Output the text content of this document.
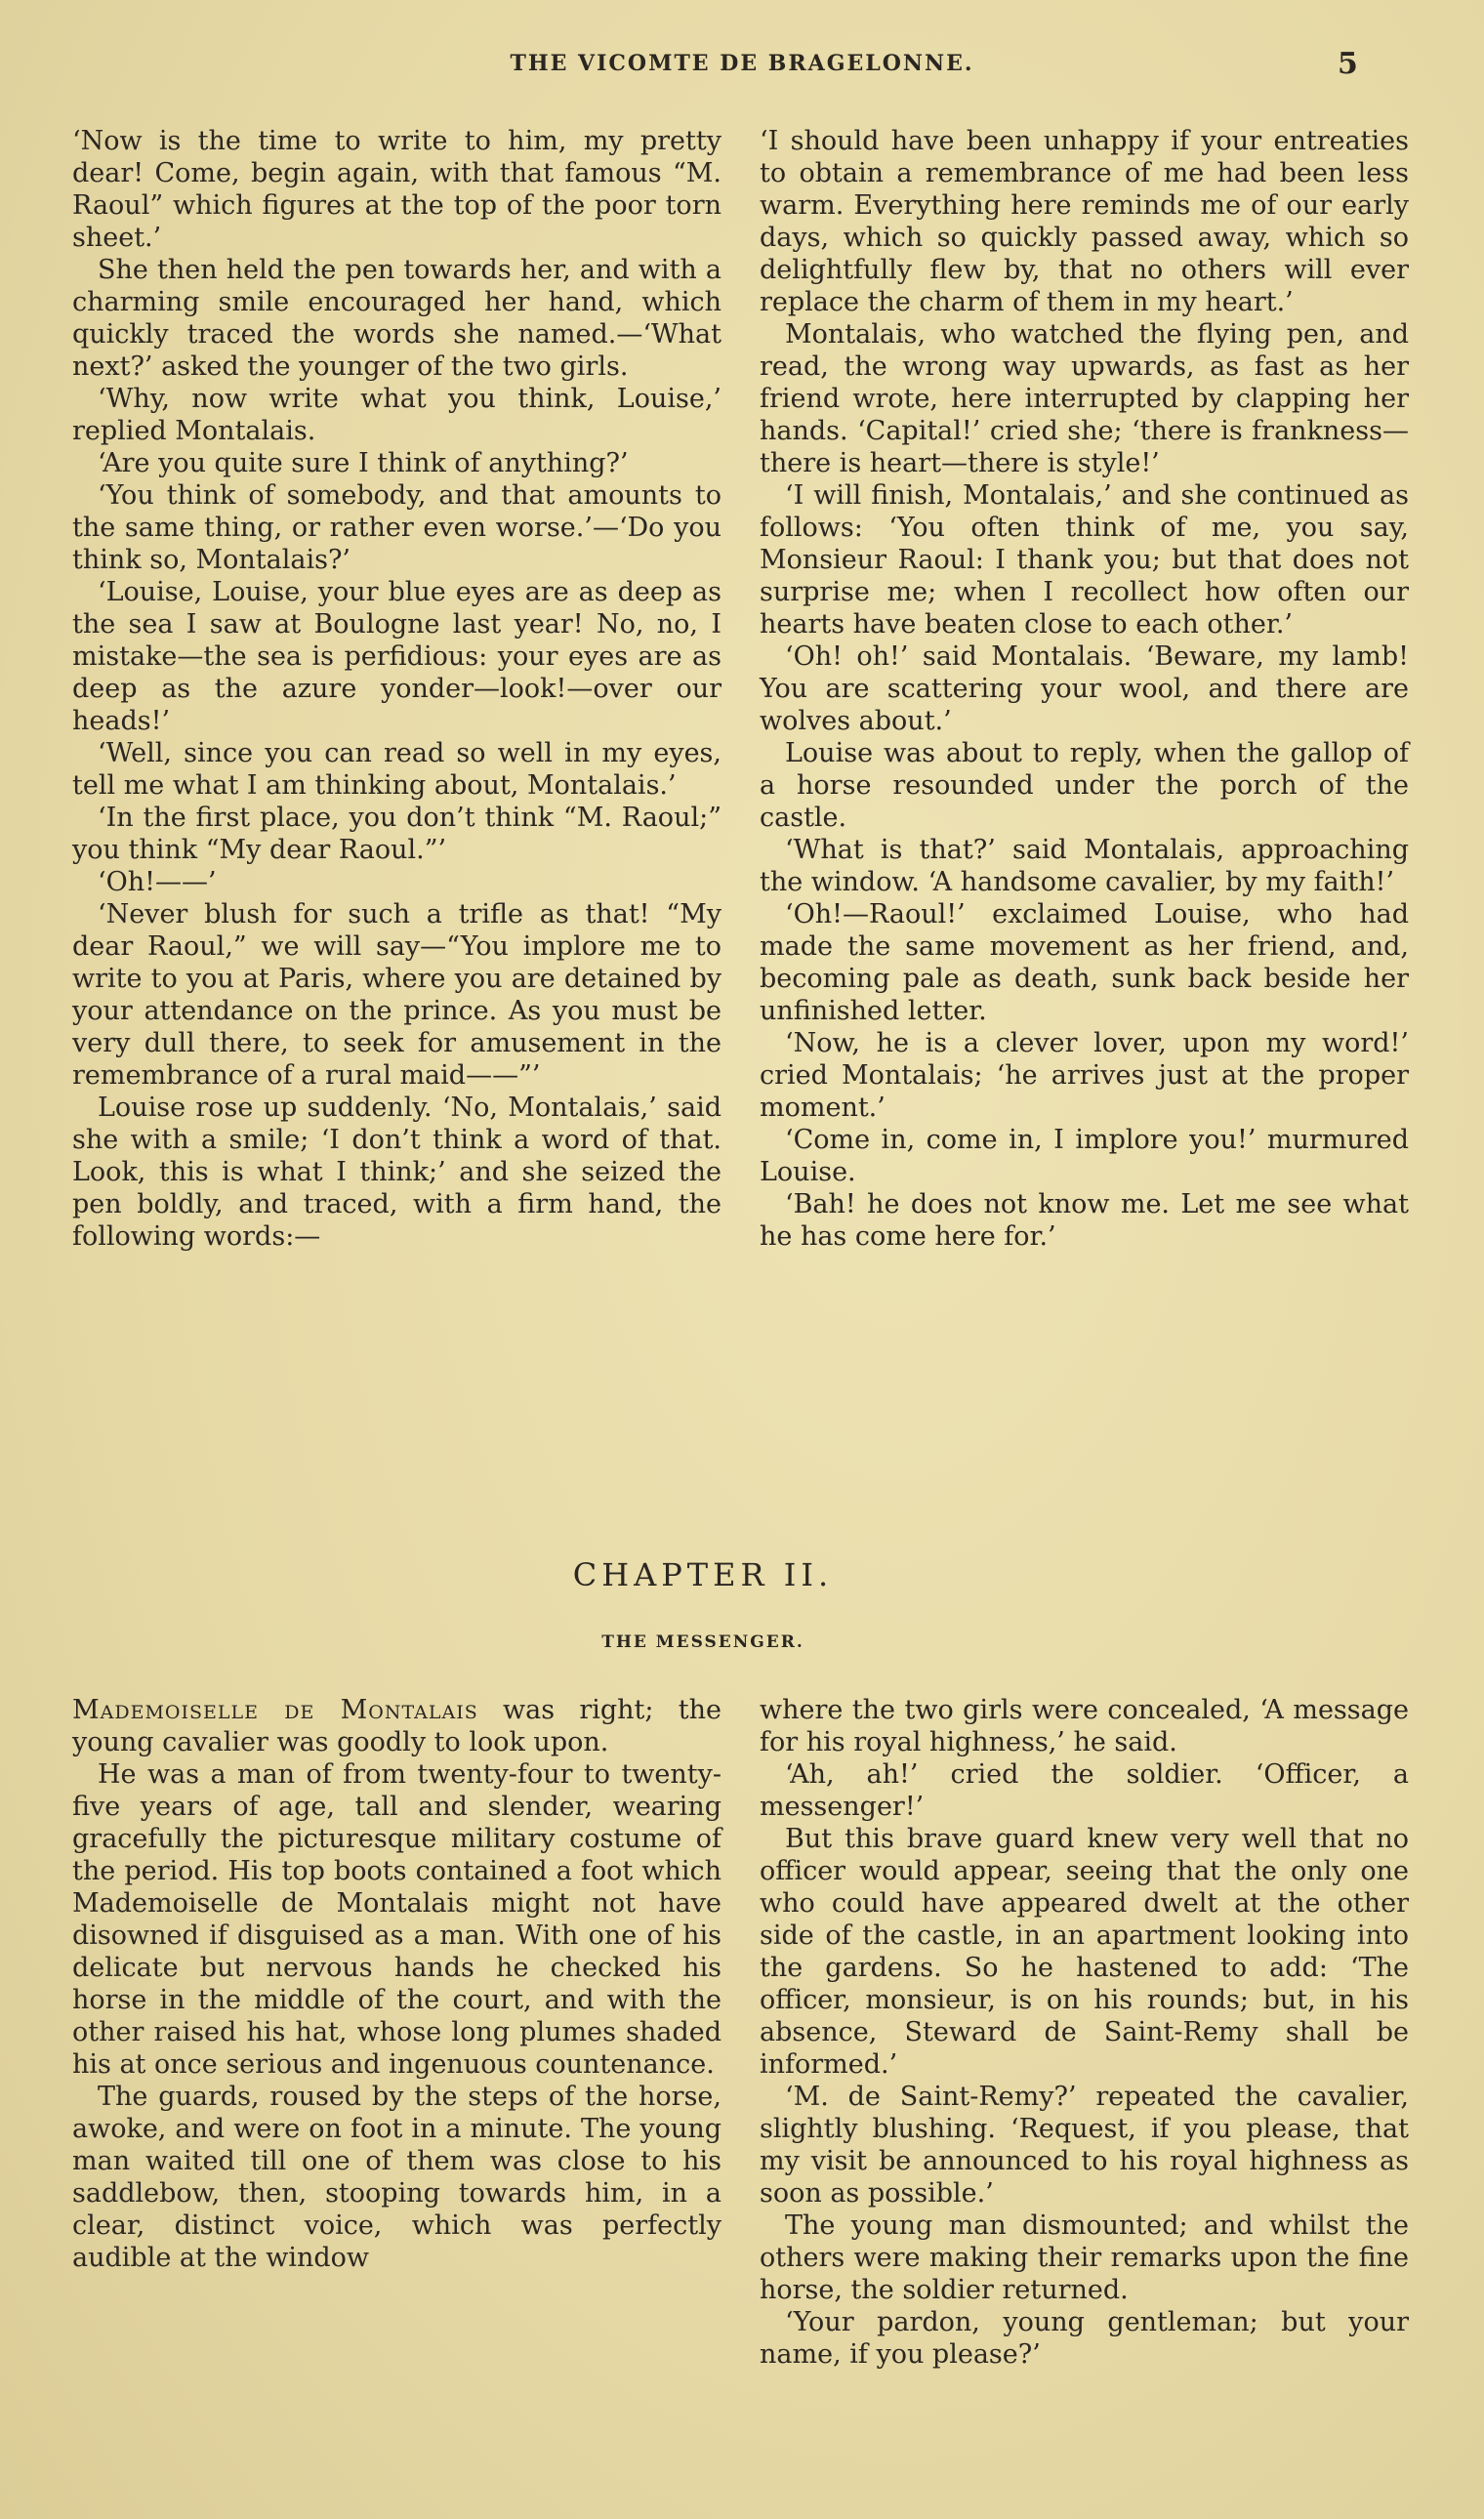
THE VICOMTE DE BRAGELONNE.	5

‘Now is the time to write to him, my pretty dear! Come, begin again, with that famous “M. Raoul” which figures at the top of the poor torn sheet.’

She then held the pen towards her, and with a charming smile encouraged her hand, which quickly traced the words she named.—‘What next?’ asked the younger of the two girls.

‘Why, now write what you think, Louise,’ replied Montalais.

‘Are you quite sure I think of anything?’

‘You think of somebody, and that amounts to the same thing, or rather even worse.’—‘Do you think so, Montalais?’

‘Louise, Louise, your blue eyes are as deep as the sea I saw at Boulogne last year! No, no, I mistake—the sea is perfidious: your eyes are as deep as the azure yonder—look!—over our heads!’

‘Well, since you can read so well in my eyes, tell me what I am thinking about, Montalais.’

‘In the first place, you don’t think “M. Raoul;” you think “My dear Raoul.”’

‘Oh!——’

‘Never blush for such a trifle as that! “My dear Raoul,” we will say—“You implore me to write to you at Paris, where you are detained by your attendance on the prince. As you must be very dull there, to seek for amusement in the remembrance of a rural maid——”’

Louise rose up suddenly. ‘No, Montalais,’ said she with a smile; ‘I don’t think a word of that. Look, this is what I think;’ and she seized the pen boldly, and traced, with a firm hand, the following words:—

‘I should have been unhappy if your entreaties to obtain a remembrance of me had been less warm. Everything here reminds me of our early days, which so quickly passed away, which so delightfully flew by, that no others will ever replace the charm of them in my heart.’

Montalais, who watched the flying pen, and read, the wrong way upwards, as fast as her friend wrote, here interrupted by clapping her hands. ‘Capital!’ cried she; ‘there is frankness—there is heart—there is style!’

‘I will finish, Montalais,’ and she continued as follows: ‘You often think of me, you say, Monsieur Raoul: I thank you; but that does not surprise me; when I recollect how often our hearts have beaten close to each other.’

‘Oh! oh!’ said Montalais. ‘Beware, my lamb! You are scattering your wool, and there are wolves about.’

Louise was about to reply, when the gallop of a horse resounded under the porch of the castle.

‘What is that?’ said Montalais, approaching the window. ‘A handsome cavalier, by my faith!’

‘Oh!—Raoul!’ exclaimed Louise, who had made the same movement as her friend, and, becoming pale as death, sunk back beside her unfinished letter.

‘Now, he is a clever lover, upon my word!’ cried Montalais; ‘he arrives just at the proper moment.’

‘Come in, come in, I implore you!’ murmured Louise.

‘Bah! he does not know me. Let me see what he has come here for.’

CHAPTER II.
THE MESSENGER.

Mademoiselle de Montalais was right; the young cavalier was goodly to look upon.

He was a man of from twenty-four to twenty-five years of age, tall and slender, wearing gracefully the picturesque military costume of the period. His top boots contained a foot which Mademoiselle de Montalais might not have disowned if disguised as a man. With one of his delicate but nervous hands he checked his horse in the middle of the court, and with the other raised his hat, whose long plumes shaded his at once serious and ingenuous countenance.

The guards, roused by the steps of the horse, awoke, and were on foot in a minute. The young man waited till one of them was close to his saddlebow, then, stooping towards him, in a clear, distinct voice, which was perfectly audible at the window

where the two girls were concealed, ‘A message for his royal highness,’ he said.

‘Ah, ah!’ cried the soldier. ‘Officer, a messenger!’

But this brave guard knew very well that no officer would appear, seeing that the only one who could have appeared dwelt at the other side of the castle, in an apartment looking into the gardens. So he hastened to add: ‘The officer, monsieur, is on his rounds; but, in his absence, Steward de Saint-Remy shall be informed.’

‘M. de Saint-Remy?’ repeated the cavalier, slightly blushing. ‘Request, if you please, that my visit be announced to his royal highness as soon as possible.’

The young man dismounted; and whilst the others were making their remarks upon the fine horse, the soldier returned.

‘Your pardon, young gentleman; but your name, if you please?’
